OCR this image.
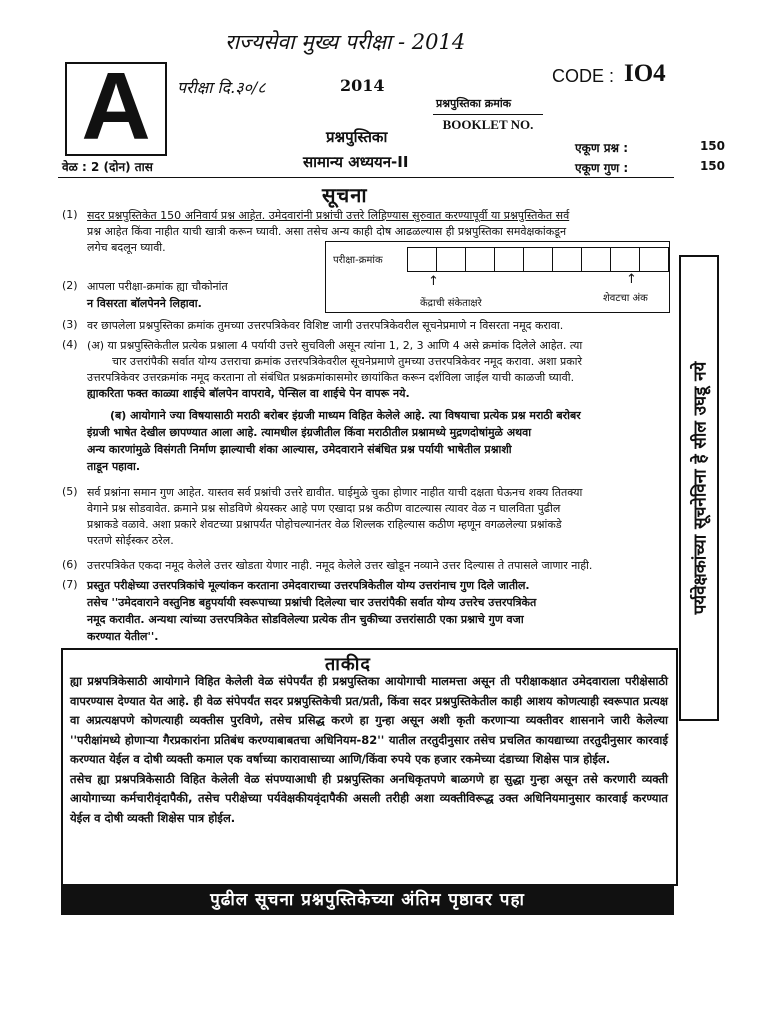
राज्यसेवा मुख्य परीक्षा - 2014
A	परीक्षा दि.३०/८	2014	CODE : IO4
प्रश्नपुस्तिका क्रमांक
BOOKLET NO.
प्रश्नपुस्तिका
सामान्य अध्ययन-II
एकूण प्रश्न :	150
एकूण गुण :	150
वेळ : 2 (दोन) तास
सूचना
(1) सदर प्रश्नपुस्तिकेत 150 अनिवार्य प्रश्न आहेत. उमेदवारांनी प्रश्नांची उत्तरे लिहिण्यास सुरुवात करण्यापूर्वी या प्रश्नपुस्तिकेत सर्व
प्रश्न आहेत किंवा नाहीत याची खात्री करून घ्यावी. असा तसेच अन्य काही दोष आढळल्यास ही प्रश्नपुस्तिका समवेक्षकांकडून
लगेच बदलून घ्यावी.
परीक्षा-क्रमांक
↑	↑
केंद्राची संकेताक्षरे	शेवटचा अंक
(2) आपला परीक्षा-क्रमांक ह्या चौकोनांत
न विसरता बॉलपेनने लिहावा.
(3) वर छापलेला प्रश्नपुस्तिका क्रमांक तुमच्या उत्तरपत्रिकेवर विशिष्ट जागी उत्तरपत्रिकेवरील सूचनेप्रमाणे न विसरता नमूद करावा.
(4) (अ) या प्रश्नपुस्तिकेतील प्रत्येक प्रश्नाला 4 पर्यायी उत्तरे सुचविली असून त्यांना 1, 2, 3 आणि 4 असे क्रमांक दिलेले आहेत. त्या
चार उत्तरांपैकी सर्वात योग्य उत्तराचा क्रमांक उत्तरपत्रिकेवरील सूचनेप्रमाणे तुमच्या उत्तरपत्रिकेवर नमूद करावा. अशा प्रकारे
उत्तरपत्रिकेवर उत्तरक्रमांक नमूद करताना तो संबंधित प्रश्नक्रमांकासमोर छायांकित करून दर्शविला जाईल याची काळजी घ्यावी.
ह्याकरिता फक्त काळ्या शाईचे बॉलपेन वापरावे, पेन्सिल वा शाईचे पेन वापरू नये.
(ब) आयोगाने ज्या विषयासाठी मराठी बरोबर इंग्रजी माध्यम विहित केलेले आहे. त्या विषयाचा प्रत्येक प्रश्न मराठी बरोबर
इंग्रजी भाषेत देखील छापण्यात आला आहे. त्यामधील इंग्रजीतील किंवा मराठीतील प्रश्नामध्ये मुद्रणदोषांमुळे अथवा
अन्य कारणांमुळे विसंगती निर्माण झाल्याची शंका आल्यास, उमेदवाराने संबंधित प्रश्न पर्यायी भाषेतील प्रश्नाशी
ताडून पहावा.
(5) सर्व प्रश्नांना समान गुण आहेत. यास्तव सर्व प्रश्नांची उत्तरे द्यावीत. घाईमुळे चुका होणार नाहीत याची दक्षता घेऊनच शक्य तितक्या
वेगाने प्रश्न सोडवावेत. क्रमाने प्रश्न सोडविणे श्रेयस्कर आहे पण एखादा प्रश्न कठीण वाटल्यास त्यावर वेळ न घालविता पुढील
प्रश्नाकडे वळावे. अशा प्रकारे शेवटच्या प्रश्नापर्यंत पोहोचल्यानंतर वेळ शिल्लक राहिल्यास कठीण म्हणून वगळलेल्या प्रश्नांकडे
परतणे सोईस्कर ठरेल.
(6) उत्तरपत्रिकेत एकदा नमूद केलेले उत्तर खोडता येणार नाही. नमूद केलेले उत्तर खोडून नव्याने उत्तर दिल्यास ते तपासले जाणार नाही.
(7) प्रस्तुत परीक्षेच्या उत्तरपत्रिकांचे मूल्यांकन करताना उमेदवाराच्या उत्तरपत्रिकेतील योग्य उत्तरांनाच गुण दिले जातील.
तसेच ''उमेदवाराने वस्तुनिष्ठ बहुपर्यायी स्वरूपाच्या प्रश्नांची दिलेल्या चार उत्तरांपैकी सर्वात योग्य उत्तरेच उत्तरपत्रिकेत
नमूद करावीत. अन्यथा त्यांच्या उत्तरपत्रिकेत सोडविलेल्या प्रत्येक तीन चुकीच्या उत्तरांसाठी एका प्रश्नाचे गुण वजा
करण्यात येतील''.
पर्यवेक्षकांच्या सूचनेविना हे सील उघडू नये
ताकीद
ह्या प्रश्नपत्रिकेसाठी आयोगाने विहित केलेली वेळ संपेपर्यंत ही प्रश्नपुस्तिका आयोगाची मालमत्ता असून ती परीक्षाकक्षात उमेदवाराला परीक्षेसाठी वापरण्यास देण्यात येत आहे. ही वेळ संपेपर्यंत सदर प्रश्नपुस्तिकेची प्रत/प्रती, किंवा सदर प्रश्नपुस्तिकेतील काही आशय कोणत्याही स्वरूपात प्रत्यक्ष वा अप्रत्यक्षपणे कोणत्याही व्यक्तीस पुरविणे, तसेच प्रसिद्ध करणे हा गुन्हा असून अशी कृती करणाऱ्या व्यक्तीवर शासनाने जारी केलेल्या ''परीक्षांमध्ये होणाऱ्या गैरप्रकारांना प्रतिबंध करण्याबाबतचा अधिनियम-82'' यातील तरतुदीनुसार तसेच प्रचलित कायद्याच्या तरतुदीनुसार कारवाई करण्यात येईल व दोषी व्यक्ती कमाल एक वर्षाच्या कारावासाच्या आणि/किंवा रुपये एक हजार रकमेच्या दंडाच्या शिक्षेस पात्र होईल.
तसेच ह्या प्रश्नपत्रिकेसाठी विहित केलेली वेळ संपण्याआधी ही प्रश्नपुस्तिका अनधिकृतपणे बाळगणे हा सुद्धा गुन्हा असून तसे करणारी व्यक्ती आयोगाच्या कर्मचारीवृंदापैकी, तसेच परीक्षेच्या पर्यवेक्षकीयवृंदापैकी असली तरीही अशा व्यक्तीविरूद्ध उक्त अधिनियमानुसार कारवाई करण्यात येईल व दोषी व्यक्ती शिक्षेस पात्र होईल.
पुढील सूचना प्रश्नपुस्तिकेच्या अंतिम पृष्ठावर पहा
